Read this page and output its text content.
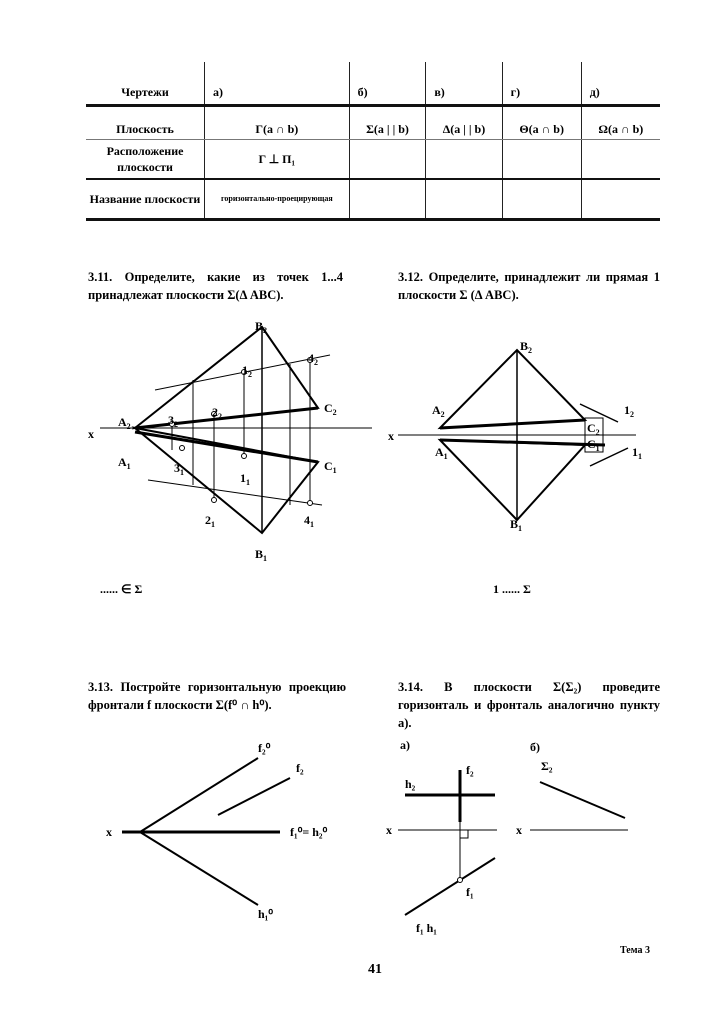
Чертежи	а)	б)	в)	г)	д)
Плоскость	Γ(a ∩ b)	Σ(a | | b)	Δ(a | | b)	Θ(a ∩ b)	Ω(a ∩ b)
Расположение плоскости	Γ ⊥ Π₁				
Название плоскости	горизонтально-проецирующая				
3.11. Определите, какие из точек 1...4 принадлежат плоскости Σ(Δ ABC).
3.12. Определите, принадлежит ли прямая 1 плоскости Σ (Δ ABC).
3.13. Постройте горизонтальную проекцию фронтали f плоскости Σ(f⁰ ∩ h⁰).
3.14. В плоскости Σ(Σ₂) проведите горизонталь и фронталь аналогично пункту а).
...... ∈ Σ	1 ...... Σ
а)	б)
Тема 3
41
x
$A_2$
$A_1$
$B_2$
$B_1$
$C_2$
$C_1$
$1_2$
$4_2$
$2_2$
$3_2$
$3_1$	$1_1$
$2_1$	$4_1$
x
$A_2$
$A_1$
$B_2$
$B_1$
$C_2$
$C_1$
$1_2$
$1_1$
x
f₂⁰
f₂
f₁⁰= h₂⁰
h₁⁰
x
h₂
f₂
f₁
f₁ h₁
x
Σ₂
